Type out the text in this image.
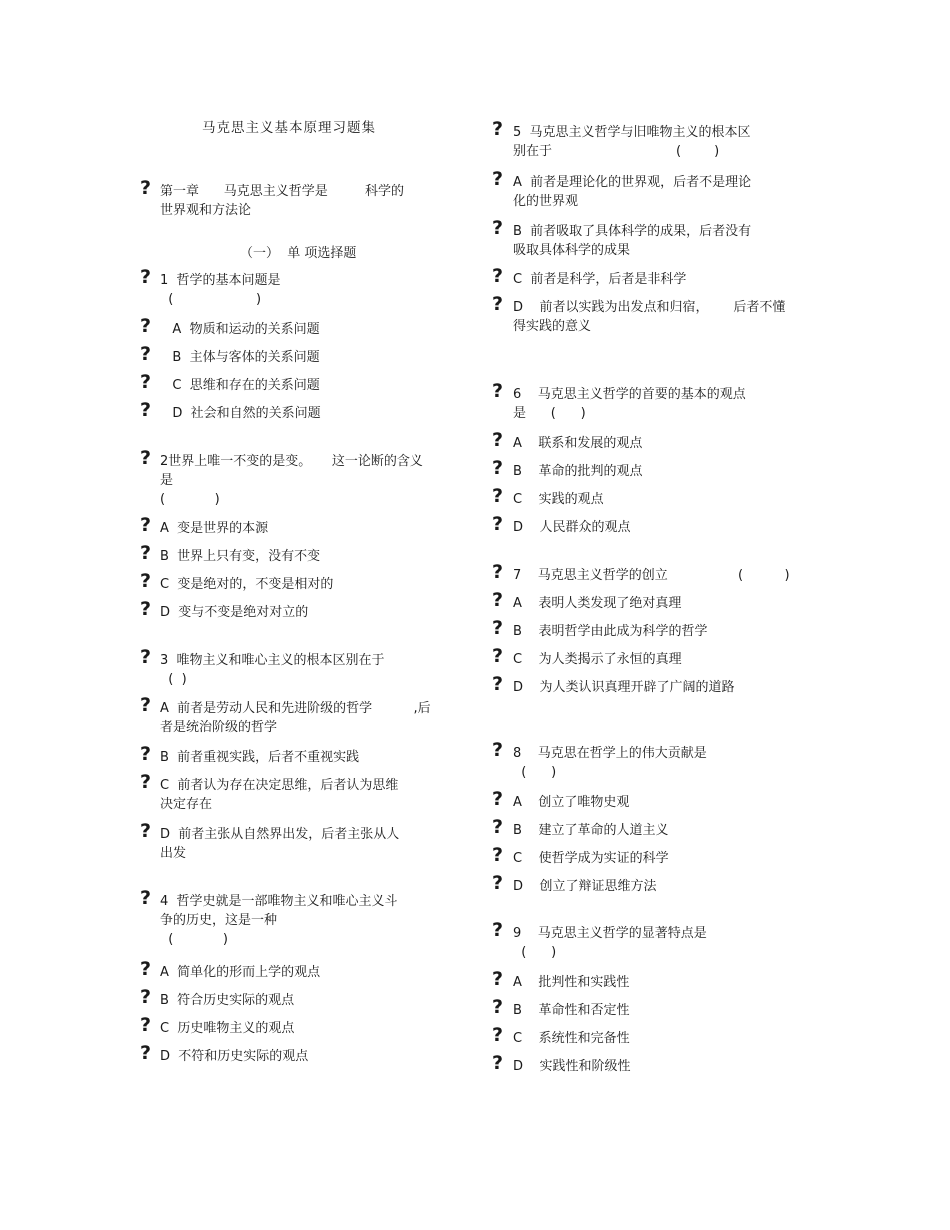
马克思主义基本原理习题集
? 第一章      马克思主义哲学是         科学的
世界观和方法论
（一）  单 项选择题
? 1  哲学的基本问题是
(                    )
? A  物质和运动的关系问题
? B  主体与客体的关系问题
? C  思维和存在的关系问题
? D  社会和自然的关系问题
? 2世界上唯一不变的是变。     这一论断的含义
是
(            )
? A  变是世界的本源
? B  世界上只有变，没有不变
? C  变是绝对的，不变是相对的
? D  变与不变是绝对对立的
? 3  唯物主义和唯心主义的根本区别在于
(  )
? A  前者是劳动人民和先进阶级的哲学          ,后
者是统治阶级的哲学
? B  前者重视实践，后者不重视实践
? C  前者认为存在决定思维，后者认为思维
决定存在
? D  前者主张从自然界出发，后者主张从人
出发
? 4  哲学史就是一部唯物主义和唯心主义斗
争的历史，这是一种
(            )
? A  简单化的形而上学的观点
? B  符合历史实际的观点
? C  历史唯物主义的观点
? D  不符和历史实际的观点
? 5  马克思主义哲学与旧唯物主义的根本区
别在于                              (        )
? A  前者是理论化的世界观，后者不是理论
化的世界观
? B  前者吸取了具体科学的成果，后者没有
吸取具体科学的成果
? C  前者是科学，后者是非科学
? D    前者以实践为出发点和归宿，      后者不懂
得实践的意义
? 6    马克思主义哲学的首要的基本的观点
是      (      )
? A    联系和发展的观点
? B    革命的批判的观点
? C    实践的观点
? D    人民群众的观点
? 7    马克思主义哲学的创立                 (          )
? A    表明人类发现了绝对真理
? B    表明哲学由此成为科学的哲学
? C    为人类揭示了永恒的真理
? D    为人类认识真理开辟了广阔的道路
? 8    马克思在哲学上的伟大贡献是
(      )
? A    创立了唯物史观
? B    建立了革命的人道主义
? C    使哲学成为实证的科学
? D    创立了辩证思维方法
? 9    马克思主义哲学的显著特点是
(      )
? A    批判性和实践性
? B    革命性和否定性
? C    系统性和完备性
? D    实践性和阶级性
